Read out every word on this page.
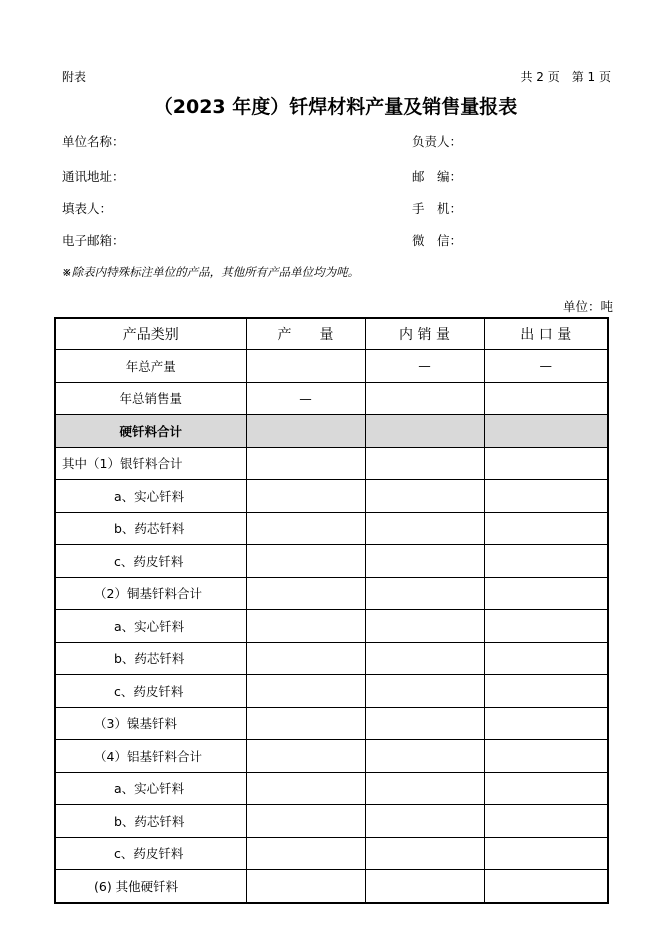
附表	共 2 页　第 1 页
（2023 年度）钎焊材料产量及销售量报表
单位名称：	负责人：
通讯地址：	邮　编：
填表人：	手　机：
电子邮箱：	微　信：
※除表内特殊标注单位的产品，其他所有产品单位均为吨。
单位：吨
产品类别	产　　量	内 销 量	出 口 量
年总产量		—	—
年总销售量	—		
硬钎料合计			
其中（1）银钎料合计			
a、实心钎料			
b、药芯钎料			
c、药皮钎料			
（2）铜基钎料合计			
a、实心钎料			
b、药芯钎料			
c、药皮钎料			
（3）镍基钎料			
（4）铝基钎料合计			
a、实心钎料			
b、药芯钎料			
c、药皮钎料			
(6) 其他硬钎料			
